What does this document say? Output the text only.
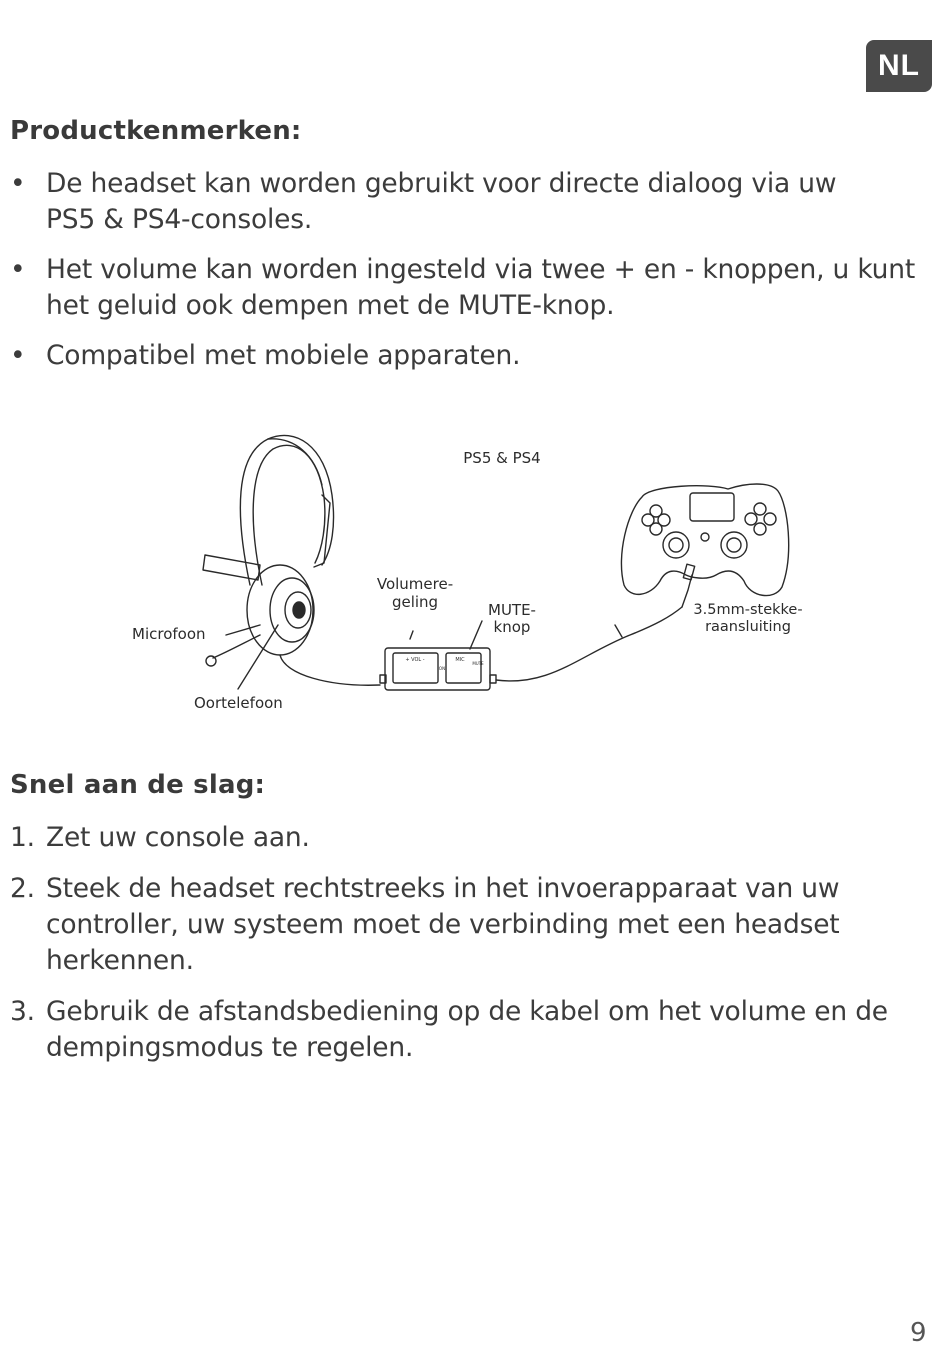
NL
Productkenmerken:
• De headset kan worden gebruikt voor directe dialoog via uw
PS5 & PS4-consoles.
• Het volume kan worden ingesteld via twee + en - knoppen, u kunt het geluid ook dempen met de MUTE-knop.
• Compatibel met mobiele apparaten.
PS5 & PS4
Volumere-
geling	MUTE-
knop
3.5mm-stekke-
raansluiting
Microfoon
Oortelefoon
+ VOL -	MIC
ON
MUTE
Snel aan de slag:
1. Zet uw console aan.
2. Steek de headset rechtstreeks in het invoerapparaat van uw controller, uw systeem moet de verbinding met een headset herkennen.
3. Gebruik de afstandsbediening op de kabel om het volume en de dempingsmodus te regelen.
9
